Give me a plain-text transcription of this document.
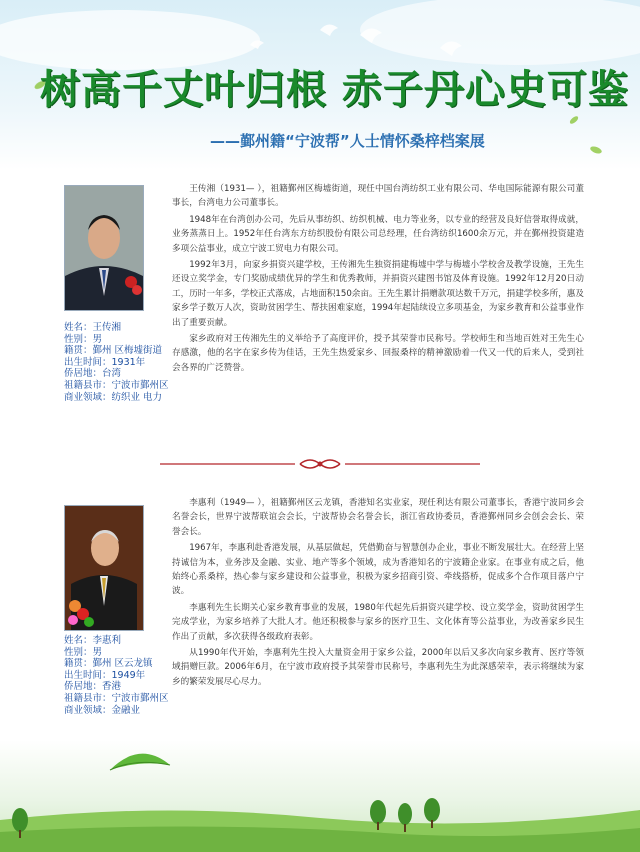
树高千丈叶归根 赤子丹心史可鉴
——鄞州籍“宁波帮”人士情怀桑梓档案展
姓名：王传湘
性别：男
籍贯：鄞州 区梅墟街道
出生时间：1931年
侨居地：台湾
祖籍县市：宁波市鄞州区
商业领域：纺织业 电力

王传湘（1931— ），祖籍鄞州区梅墟街道，现任中国台湾纺织工业有限公司、华电国际能源有限公司董事长，台湾电力公司董事长。

1948年在台湾创办公司，先后从事纺织、纺织机械、电力等业务，以专业的经营及良好信誉取得成就，业务蒸蒸日上。1952年任台湾东方纺织股份有限公司总经理，任台湾纺织1600余万元，并在鄞州投资建造多项公益事业，成立宁波工贸电力有限公司。

1992年3月，向家乡捐资兴建学校，王传湘先生独资捐建梅墟中学与梅墟小学校舍及教学设施，王先生还设立奖学金，专门奖励成绩优异的学生和优秀教师，并捐资兴建图书馆及体育设施。1992年12月20日动工，历时一年多，学校正式落成，占地面积150余亩。王先生累计捐赠款项达数千万元，捐建学校多所，惠及家乡学子数万人次，资助贫困学生、帮扶困难家庭，1994年起陆续设立多项基金，为家乡教育和公益事业作出了重要贡献。

家乡政府对王传湘先生的义举给予了高度评价，授予其荣誉市民称号。学校师生和当地百姓对王先生心存感激，他的名字在家乡传为佳话，王先生热爱家乡、回报桑梓的精神激励着一代又一代的后来人，受到社会各界的广泛赞誉。

姓名：李惠利
性别：男
籍贯：鄞州 区云龙镇
出生时间：1949年
侨居地：香港
祖籍县市：宁波市鄞州区
商业领域：金融业

李惠利（1949— ），祖籍鄞州区云龙镇，香港知名实业家，现任利达有限公司董事长，香港宁波同乡会名誉会长，世界宁波帮联谊会会长，宁波帮协会名誉会长，浙江省政协委员，香港鄞州同乡会创会会长、荣誉会长。

1967年，李惠利赴香港发展，从基层做起，凭借勤奋与智慧创办企业，事业不断发展壮大。在经营上坚持诚信为本，业务涉及金融、实业、地产等多个领域，成为香港知名的宁波籍企业家。在事业有成之后，他始终心系桑梓，热心参与家乡建设和公益事业，积极为家乡招商引资、牵线搭桥，促成多个合作项目落户宁波。

李惠利先生长期关心家乡教育事业的发展，1980年代起先后捐资兴建学校、设立奖学金，资助贫困学生完成学业，为家乡培养了大批人才。他还积极参与家乡的医疗卫生、文化体育等公益事业，为改善家乡民生作出了贡献，多次获得各级政府表彰。

从1990年代开始，李惠利先生投入大量资金用于家乡公益，2000年以后又多次向家乡教育、医疗等领域捐赠巨款。2006年6月，在宁波市政府授予其荣誉市民称号，李惠利先生为此深感荣幸，表示将继续为家乡的繁荣发展尽心尽力。
